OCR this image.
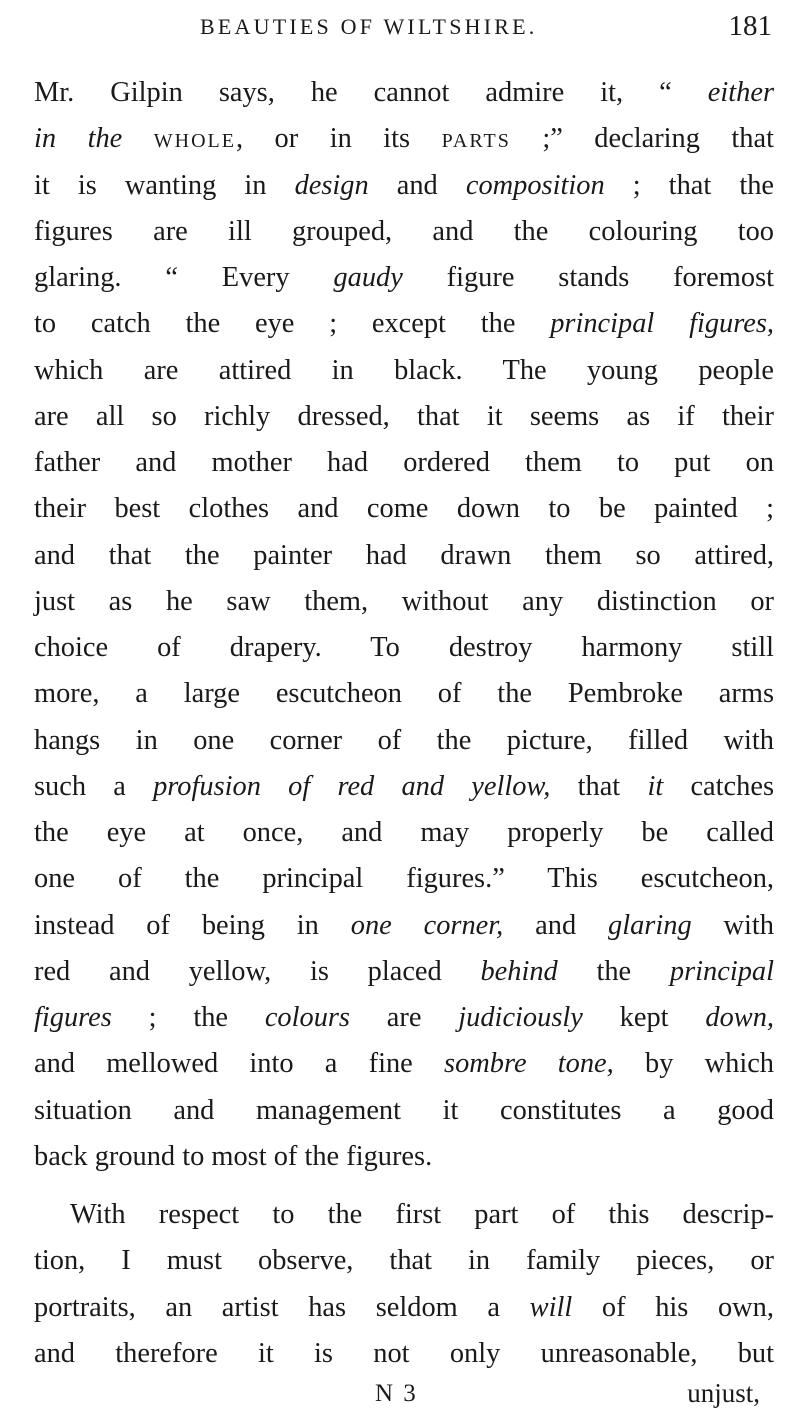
BEAUTIES OF WILTSHIRE.	181
Mr. Gilpin says, he cannot admire it, “ either
in the whole, or in its parts ;” declaring that
it is wanting in design and composition ; that the
figures are ill grouped, and the colouring too
glaring. “ Every gaudy figure stands foremost
to catch the eye ; except the principal figures,
which are attired in black. The young people
are all so richly dressed, that it seems as if their
father and mother had ordered them to put on
their best clothes and come down to be painted ;
and that the painter had drawn them so attired,
just as he saw them, without any distinction or
choice of drapery. To destroy harmony still
more, a large escutcheon of the Pembroke arms
hangs in one corner of the picture, filled with
such a profusion of red and yellow, that it catches
the eye at once, and may properly be called
one of the principal figures.” This escutcheon,
instead of being in one corner, and glaring with
red and yellow, is placed behind the principal
figures ; the colours are judiciously kept down,
and mellowed into a fine sombre tone, by which
situation and management it constitutes a good
back ground to most of the figures.
With respect to the first part of this descrip-
tion, I must observe, that in family pieces, or
portraits, an artist has seldom a will of his own,
and therefore it is not only unreasonable, but
N 3	unjust,
